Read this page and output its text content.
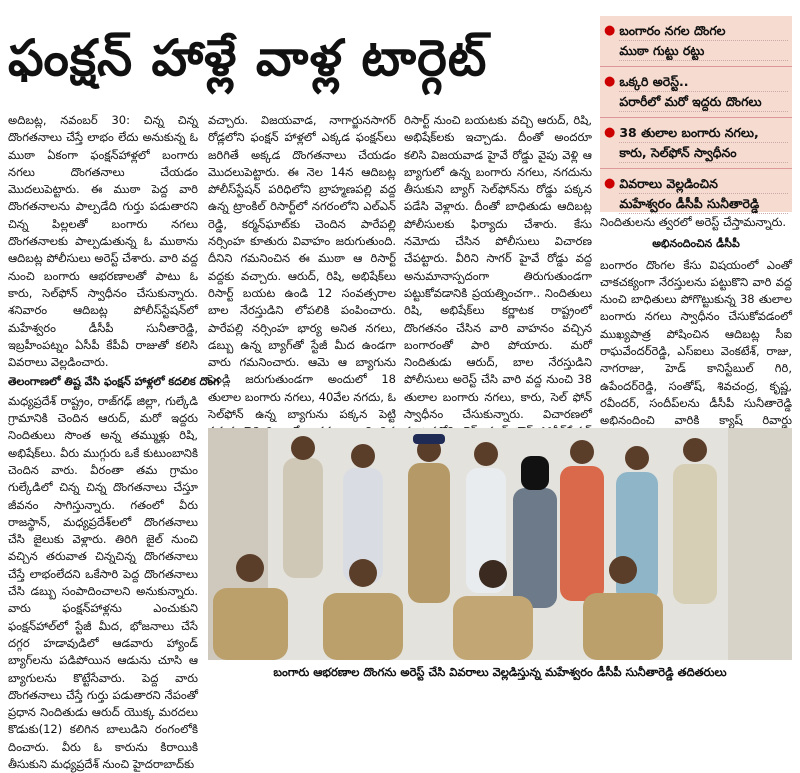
ఫంక్షన్ హాళ్లే వాళ్ల టార్గెట్	● బంగారం నగల దొంగల
ముఠా గుట్టు రట్టు
● ఒక్కరి అరెస్ట్..
పరారీలో మరో ఇద్దరు దొంగలు
● 38 తులాల బంగారు నగలు,
కారు, సెల్‌ఫోన్ స్వాధీనం
● వివరాలు వెల్లడించిన
మహేశ్వరం డీసీపీ సునీతారెడ్డి

అదిబట్ల, నవంబర్ 30: చిన్న చిన్న దొంగతనాలు చేస్తే లాభం లేదు అనుకున్న ఓ ముఠా ఏకంగా ఫంక్షన్‌హాళ్లలో బంగారు నగలు దొంగతనాలు చేయడం మొదలుపెట్టారు. ఈ ముఠా పెద్ద వారి దొంగతనాలను పాల్పడేది గుర్తు పడుతారని చిన్న పిల్లలతో బంగారు నగలు దొంగతనాలకు పాల్పడుతున్న ఓ ముఠాను ఆదిబట్ల పోలీసులు అరెస్ట్ చేశారు. వారి వద్ద నుంచి బంగారు ఆభరణాలతో పాటు ఓ కారు, సెల్‌ఫోన్ స్వాధీనం చేసుకున్నారు. శనివారం ఆదిబట్ల పోలీస్‌స్టేషన్‌లో మహేశ్వరం డీసీపీ సునీతారెడ్డి, ఇబ్రహీంపట్నం ఏసీపీ కేపీవీ రాజుతో కలిసి వివరాలు వెల్లడించారు.

తెలంగాణలో తిష్ట వేసి ఫంక్షన్ హాళ్లలో కదలిక దొంగ

మధ్యప్రదేశ్ రాష్ట్రం, రాజ్‌గఢ్ జిల్లా, గుల్కేడి గ్రామానికి చెందిన ఆరుద్, మరో ఇద్దరు నిందితులు సొంత అన్న తమ్ముళ్లు రిషి, అభిషేక్‌లు. వీరు ముగ్గురు ఒకే కుటుంబానికి చెందిన వారు. వీరంతా తమ గ్రామం గుల్కేడిలో చిన్న చిన్న దొంగతనాలు చేస్తూ జీవనం సాగిస్తున్నారు. గతంలో వీరు రాజస్థాన్, మధ్యప్రదేశ్‌లలో దొంగతనాలు చేసి జైలుకు వెళ్లారు. తిరిగి జైల్ నుంచి వచ్చిన తరువాత చిన్నచిన్న దొంగతనాలు చేస్తే లాభంలేదని ఒకేసారి పెద్ద దొంగతనాలు చేసి డబ్బు సంపాదించాలని అనుకున్నారు. వారు ఫంక్షన్‌హాళ్లను ఎంచుకుని ఫంక్షన్‌హాల్‌లో స్టేజీ మీద, భోజనాలు చేసే దగ్గర హడావుడిలో ఆడవారు హ్యాండ్ బ్యాగ్‌లను పడిపోయిన ఆడును చూసి ఆ బ్యాగులను కొట్టేసేవారు. పెద్ద వారు దొంగతనాలు చేస్తే గుర్తు పడుతారని నేపంతో ప్రధాన నిందితుడు ఆరుద్ యొక్క మరదలు కొడుకు(12) కలిగిన బాలుడిని రంగంలోకి దించారు. వీరు ఓ కారును కిరాయికి తీసుకుని మధ్యప్రదేశ్ నుంచి హైదరాబాద్‌కు

వచ్చారు. విజయవాడ, నాగార్జునసాగర్ రోడ్లలోని ఫంక్షన్ హాళ్లలో ఎక్కడ ఫంక్షన్‌లు జరిగితే అక్కడ దొంగతనాలు చేయడం మొదలుపెట్టారు. ఈ నెల 14న ఆదిబట్ల పోలీస్‌స్టేషన్ పరిధిలోని బ్రాహ్మణపల్లి వద్ద ఉన్న ట్రాంకిల్ రిసార్ట్‌లో నగరంలోని ఎల్‌ఎన్ రెడ్డి, కర్మన్‌ఘాట్‌కు చెందిన పారేపల్లి నర్సింహ కూతురు వివాహం జరుగుతుంది. దీనిని గమనించిన ఈ ముఠా ఆ రిసార్ట్ వద్దకు వచ్చారు. ఆరుద్, రిషి, అభిషేక్‌లు రిసార్ట్ బయట ఉండి 12 సంవత్సరాల బాల నేరస్తుడిని లోపలికి పంపించారు. పారేపల్లి నర్సింహ భార్య అనిత నగలు, డబ్బు ఉన్న బ్యాగ్‌తో స్టేజీ మీద ఉండగా వారు గమనించారు. ఆమె ఆ బ్యాగును పెండ్లి జరుగుతుండగా అందులో 18 తులాల బంగారు నగలు, 40వేల నగదు, ఓ సెల్‌ఫోన్ ఉన్న బ్యాగును పక్కన పెట్టి

రిసార్ట్ నుంచి బయటకు వచ్చి ఆరుద్, రిషి, అభిషేక్‌లకు ఇచ్చాడు. దీంతో అందరూ కలిసి విజయవాడ హైవే రోడ్డు వైపు వెళ్లి ఆ బ్యాగులో ఉన్న బంగారు నగలు, నగదును తీసుకుని బ్యాగ్ సెల్‌ఫోన్‌ను రోడ్డు పక్కన పడేసి వెళ్లారు. దీంతో బాధితుడు ఆదిబట్ల పోలీసులకు ఫిర్యాదు చేశారు. కేసు నమోదు చేసిన పోలీసులు విచారణ చేపట్టారు. వీరిని సాగర్ హైవే రోడ్డు వద్ద అనుమానాస్పదంగా తిరుగుతుండగా పట్టుకోవడానికి ప్రయత్నించగా.. నిందితులు రిషి, అభిషేక్‌లు కర్ణాటక రాష్ట్రంలో దొంగతనం చేసిన వారి వాహనం వచ్చిన బంగారంతో పారి పోయారు. మరో నిందితుడు ఆరుద్, బాల నేరస్తుడిని పోలీసులు అరెస్ట్ చేసి వారి వద్ద నుంచి 38 తులాల బంగారు నగలు, కారు, సెల్ ఫోన్ స్వాధీనం చేసుకున్నారు. విచారణలో

నిందితులను త్వరలో అరెస్ట్ చేస్తామన్నారు.

అభినందించిన డీసీపీ

బంగారం దొంగల కేసు విషయంలో ఎంతో చాకచక్యంగా నేరస్తులను పట్టుకొని వారి వద్ద నుంచి బాధితులు పోగొట్టుకున్న 38 తులాల బంగారు నగలు స్వాధీనం చేసుకోవడంలో ముఖ్యపాత్ర పోషించిన ఆదిబట్ల సీఐ రాఘవేందర్‌రెడ్డి, ఎస్ఐలు వెంకటేశ్, రాజు, నాగరాజు, హెడ్ కానిస్టేబుల్ గిరి, ఉపేందర్‌రెడ్డి, సంతోష్, శివచంద్ర, కృష్ణ, రవీందర్, సందీప్‌లను డీసీపీ సునీతారెడ్డి అభినందించి వారికి క్యాష్ రివార్డు

బంగారు ఆభరణాల దొంగను అరెస్ట్ చేసి వివరాలు వెల్లడిస్తున్న మహేశ్వరం డీసీపీ సునీతారెడ్డి తదితరులు
